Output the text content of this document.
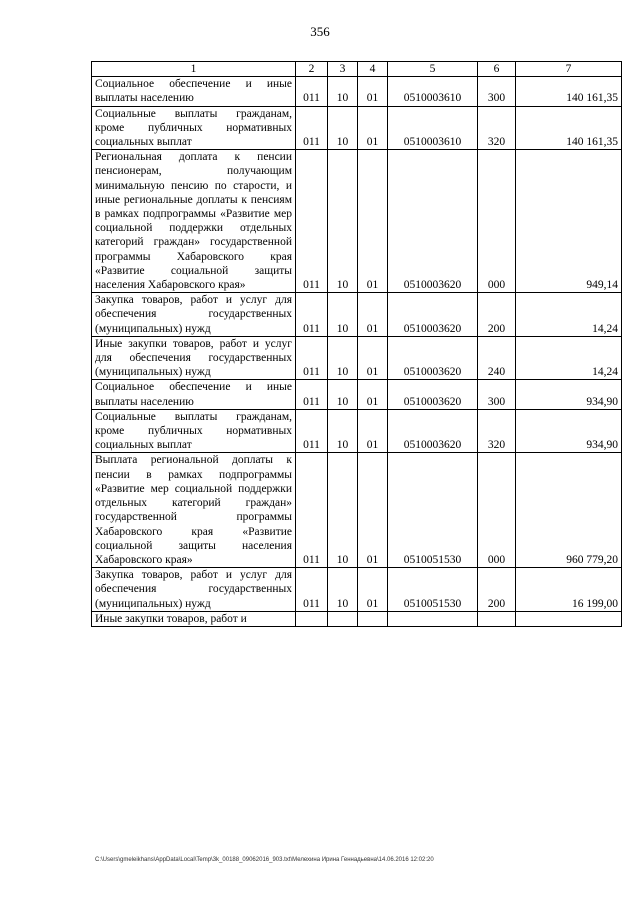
356
1	2	3	4	5	6	7
Социальное обеспечение и иные выплаты населению	011	10	01	0510003610	300	140 161,35
Социальные выплаты гражданам, кроме публичных нормативных социальных выплат	011	10	01	0510003610	320	140 161,35
Региональная доплата к пенсии пенсионерам, получающим минимальную пенсию по старости, и иные региональные доплаты к пенсиям в рамках подпрограммы «Развитие мер социальной поддержки отдельных категорий граждан» государственной программы Хабаровского края «Развитие социальной защиты населения Хабаровского края»	011	10	01	0510003620	000	949,14
Закупка товаров, работ и услуг для обеспечения государственных (муниципальных) нужд	011	10	01	0510003620	200	14,24
Иные закупки товаров, работ и услуг для обеспечения государственных (муниципальных) нужд	011	10	01	0510003620	240	14,24
Социальное обеспечение и иные выплаты населению	011	10	01	0510003620	300	934,90
Социальные выплаты гражданам, кроме публичных нормативных социальных выплат	011	10	01	0510003620	320	934,90
Выплата региональной доплаты к пенсии в рамках подпрограммы «Развитие мер социальной поддержки отдельных категорий граждан» государственной программы Хабаровского края «Развитие социальной защиты населения Хабаровского края»	011	10	01	0510051530	000	960 779,20
Закупка товаров, работ и услуг для обеспечения государственных (муниципальных) нужд	011	10	01	0510051530	200	16 199,00
Иные закупки товаров, работ и						
C:\Users\gmeleikhans\AppData\Local\Temp\3k_00188_09062016_903.txt\Мелехина Ирина Геннадьевна\14.06.2016 12:02:20
